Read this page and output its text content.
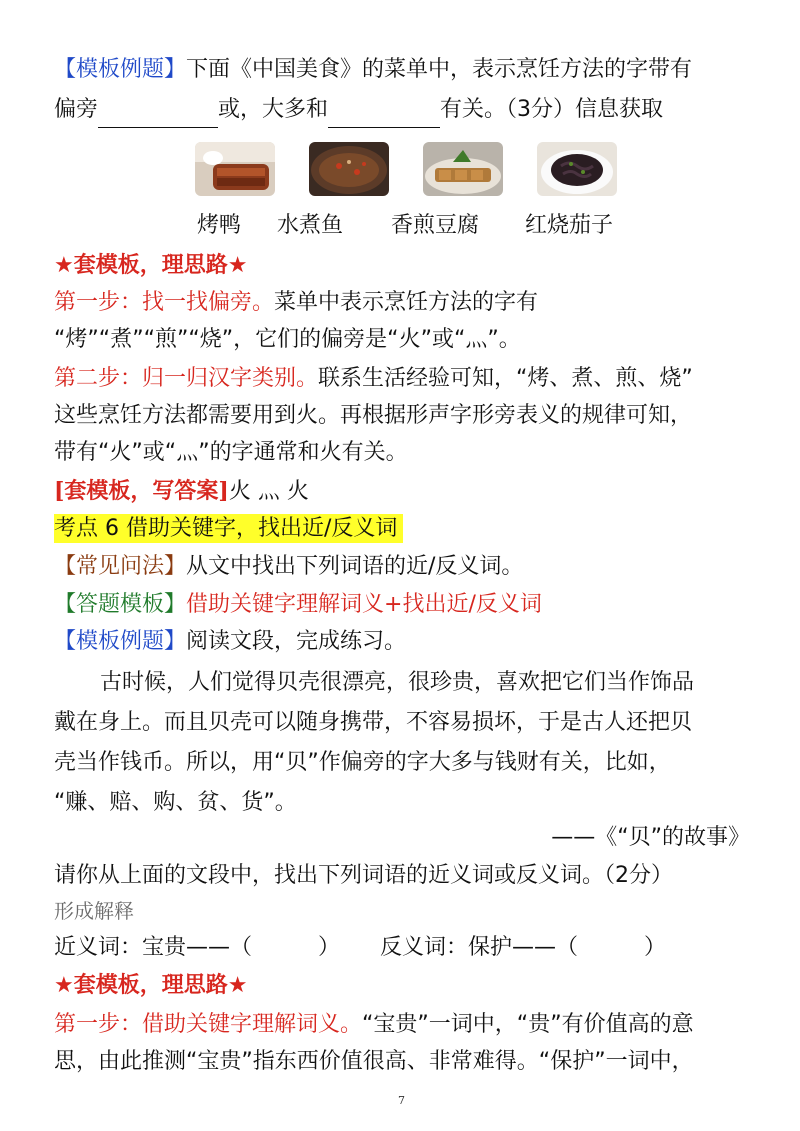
【模板例题】下面《中国美食》的菜单中，表示烹饪方法的字带有
偏旁	或，大多和	有关。（3分）信息获取
烤鸭 水煮鱼 香煎豆腐 红烧茄子
★套模板，理思路★
第一步：找一找偏旁。菜单中表示烹饪方法的字有
“烤”“煮”“煎”“烧”，它们的偏旁是“火”或“灬”。
第二步：归一归汉字类别。联系生活经验可知，“烤、煮、煎、烧”
这些烹饪方法都需要用到火。再根据形声字形旁表义的规律可知，
带有“火”或“灬”的字通常和火有关。
[套模板，写答案]火 灬 火
考点 6 借助关键字，找出近/反义词
【常见问法】从文中找出下列词语的近/反义词。
【答题模板】借助关键字理解词义+找出近/反义词
【模板例题】阅读文段，完成练习。
古时候，人们觉得贝壳很漂亮，很珍贵，喜欢把它们当作饰品
戴在身上。而且贝壳可以随身携带，不容易损坏，于是古人还把贝
壳当作钱币。所以，用“贝”作偏旁的字大多与钱财有关，比如，
“赚、赔、购、贫、货”。
——《“贝”的故事》
请你从上面的文段中，找出下列词语的近义词或反义词。（2分）
形成解释
近义词：宝贵——（　　　） 反义词：保护——（　　　）
★套模板，理思路★
第一步：借助关键字理解词义。“宝贵”一词中，“贵”有价值高的意
思，由此推测“宝贵”指东西价值很高、非常难得。“保护”一词中，
7
